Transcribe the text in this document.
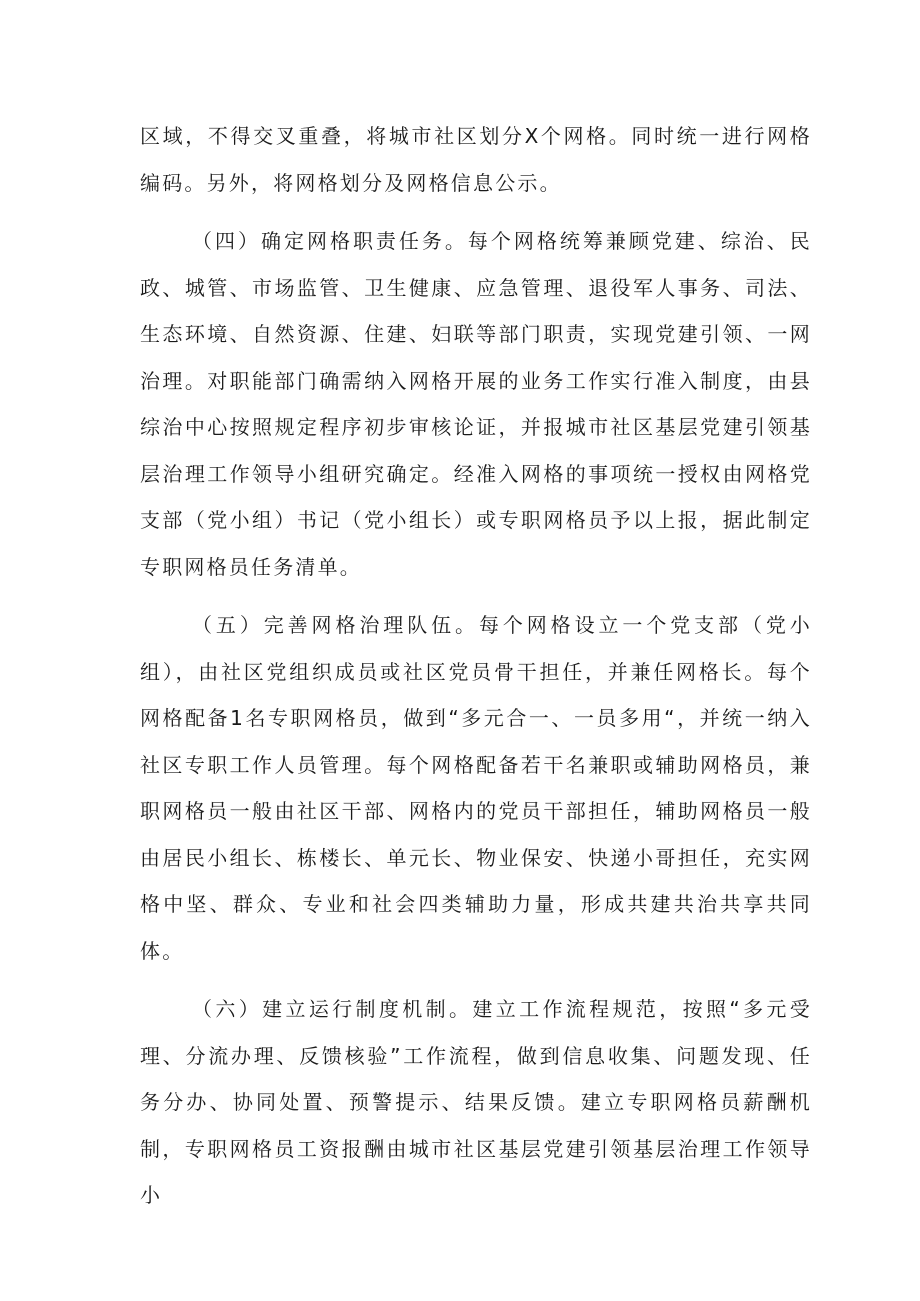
区域，不得交叉重叠，将城市社区划分X个网格。同时统一进行网格编码。另外，将网格划分及网格信息公示。

（四）确定网格职责任务。每个网格统筹兼顾党建、综治、民政、城管、市场监管、卫生健康、应急管理、退役军人事务、司法、生态环境、自然资源、住建、妇联等部门职责，实现党建引领、一网治理。对职能部门确需纳入网格开展的业务工作实行准入制度，由县综治中心按照规定程序初步审核论证，并报城市社区基层党建引领基层治理工作领导小组研究确定。经准入网格的事项统一授权由网格党支部（党小组）书记（党小组长）或专职网格员予以上报，据此制定专职网格员任务清单。

（五）完善网格治理队伍。每个网格设立一个党支部（党小组），由社区党组织成员或社区党员骨干担任，并兼任网格长。每个网格配备1名专职网格员，做到“多元合一、一员多用“，并统一纳入社区专职工作人员管理。每个网格配备若干名兼职或辅助网格员，兼职网格员一般由社区干部、网格内的党员干部担任，辅助网格员一般由居民小组长、栋楼长、单元长、物业保安、快递小哥担任，充实网格中坚、群众、专业和社会四类辅助力量，形成共建共治共享共同体。

（六）建立运行制度机制。建立工作流程规范，按照“多元受理、分流办理、反馈核验”工作流程，做到信息收集、问题发现、任务分办、协同处置、预警提示、结果反馈。建立专职网格员薪酬机制，专职网格员工资报酬由城市社区基层党建引领基层治理工作领导小
